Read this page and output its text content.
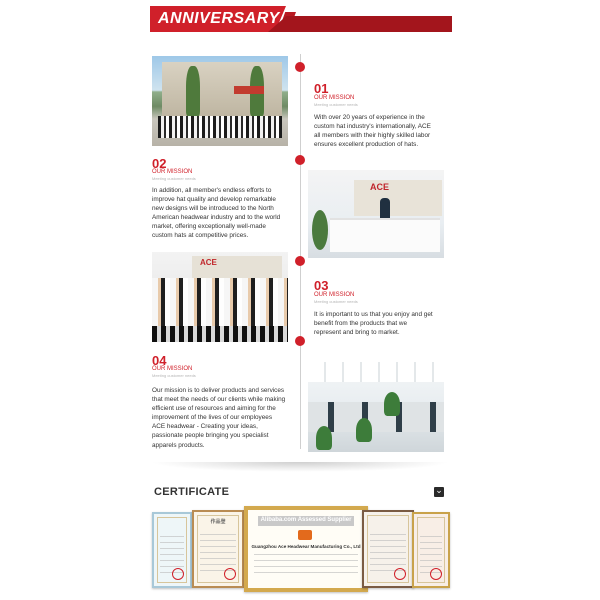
ANNIVERSARY
01
OUR MISSION
Meeting customer needs
With over 20 years of experience in the
custom hat industry's internationally, ACE
all members with their highly skilled labor
ensures excellent production of hats.
02
OUR MISSION
Meeting customer needs
In addition, all member's endless efforts to
improve hat quality and develop remarkable
new designs will be introduced to the North
American headwear industry and to the world
market, offering exceptionally well-made
custom hats at competitive prices.
ACE
ACE
03
OUR MISSION
Meeting customer needs
It is important to us that you enjoy and get
benefit from the products that we
represent and bring to market.
04
OUR MISSION
Meeting customer needs
Our mission is to deliver products and services
that meet the needs of our clients while making
efficient use of resources and aiming for the
improvement of the lives of our employees
ACE headwear - Creating your ideas,
passionate people bringing you specialist
apparels products.
CERTIFICATE	⌄
作品登	Alibaba.com Assessed Supplier
Guangzhou Ace Headwear Manufacturing Co., Ltd
